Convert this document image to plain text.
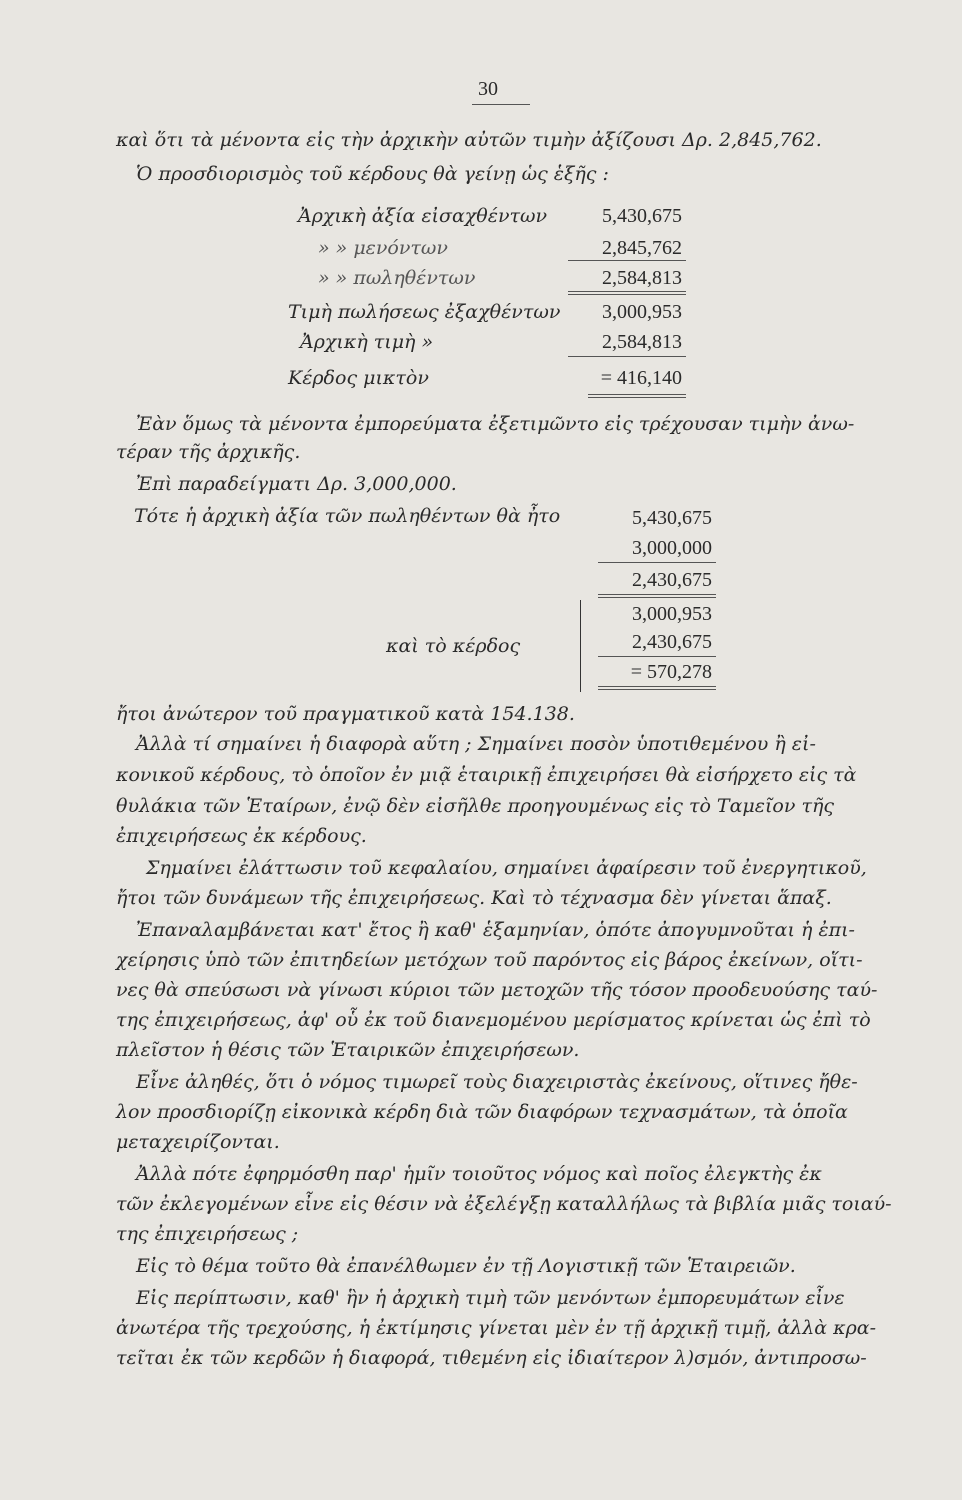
30
καὶ ὅτι τὰ μένοντα εἰς τὴν ἀρχικὴν αὐτῶν τιμὴν ἀξίζουσι Δρ. 2,845,762.
Ὁ προσδιορισμὸς τοῦ κέρδους θὰ γείνῃ ὡς ἑξῆς :
Ἀρχικὴ ἀξία εἰσαχθέντων	5,430,675
» » μενόντων	2,845,762
» » πωληθέντων	2,584,813
Τιμὴ πωλήσεως ἐξαχθέντων	3,000,953
Ἀρχικὴ τιμὴ »	2,584,813
Κέρδος μικτὸν	= 416,140
Ἐὰν ὅμως τὰ μένοντα ἐμπορεύματα ἐξετιμῶντο εἰς τρέχουσαν τιμὴν ἀνω-
τέραν τῆς ἀρχικῆς.
Ἐπὶ παραδείγματι Δρ. 3,000,000.
Τότε ἡ ἀρχικὴ ἀξία τῶν πωληθέντων θὰ ἦτο	5,430,675
3,000,000
2,430,675
καὶ τὸ κέρδος
3,000,953
2,430,675
= 570,278
ἤτοι ἀνώτερον τοῦ πραγματικοῦ κατὰ 154.138.
Ἀλλὰ τί σημαίνει ἡ διαφορὰ αὕτη ; Σημαίνει ποσὸν ὑποτιθεμένου ἢ εἰ-
κονικοῦ κέρδους, τὸ ὁποῖον ἐν μιᾷ ἑταιρικῇ ἐπιχειρήσει θὰ εἰσήρχετο εἰς τὰ
θυλάκια τῶν Ἑταίρων, ἐνῷ δὲν εἰσῆλθε προηγουμένως εἰς τὸ Ταμεῖον τῆς
ἐπιχειρήσεως ἐκ κέρδους.
Σημαίνει ἐλάττωσιν τοῦ κεφαλαίου, σημαίνει ἀφαίρεσιν τοῦ ἐνεργητικοῦ,
ἤτοι τῶν δυνάμεων τῆς ἐπιχειρήσεως. Καὶ τὸ τέχνασμα δὲν γίνεται ἅπαξ.
Ἐπαναλαμβάνεται κατ' ἔτος ἢ καθ' ἑξαμηνίαν, ὁπότε ἀπογυμνοῦται ἡ ἐπι-
χείρησις ὑπὸ τῶν ἐπιτηδείων μετόχων τοῦ παρόντος εἰς βάρος ἐκείνων, οἵτι-
νες θὰ σπεύσωσι νὰ γίνωσι κύριοι τῶν μετοχῶν τῆς τόσον προοδευούσης ταύ-
της ἐπιχειρήσεως, ἀφ' οὗ ἐκ τοῦ διανεμομένου μερίσματος κρίνεται ὡς ἐπὶ τὸ
πλεῖστον ἡ θέσις τῶν Ἑταιρικῶν ἐπιχειρήσεων.
Εἶνε ἀληθές, ὅτι ὁ νόμος τιμωρεῖ τοὺς διαχειριστὰς ἐκείνους, οἵτινες ἤθε-
λον προσδιορίζῃ εἰκονικὰ κέρδη διὰ τῶν διαφόρων τεχνασμάτων, τὰ ὁποῖα
μεταχειρίζονται.
Ἀλλὰ πότε ἐφηρμόσθη παρ' ἡμῖν τοιοῦτος νόμος καὶ ποῖος ἐλεγκτὴς ἐκ
τῶν ἐκλεγομένων εἶνε εἰς θέσιν νὰ ἐξελέγξῃ καταλλήλως τὰ βιβλία μιᾶς τοιαύ-
της ἐπιχειρήσεως ;
Εἰς τὸ θέμα τοῦτο θὰ ἐπανέλθωμεν ἐν τῇ Λογιστικῇ τῶν Ἑταιρειῶν.
Εἰς περίπτωσιν, καθ' ἣν ἡ ἀρχικὴ τιμὴ τῶν μενόντων ἐμπορευμάτων εἶνε
ἀνωτέρα τῆς τρεχούσης, ἡ ἐκτίμησις γίνεται μὲν ἐν τῇ ἀρχικῇ τιμῇ, ἀλλὰ κρα-
τεῖται ἐκ τῶν κερδῶν ἡ διαφορά, τιθεμένη εἰς ἰδιαίτερον λ)σμόν, ἀντιπροσω-
